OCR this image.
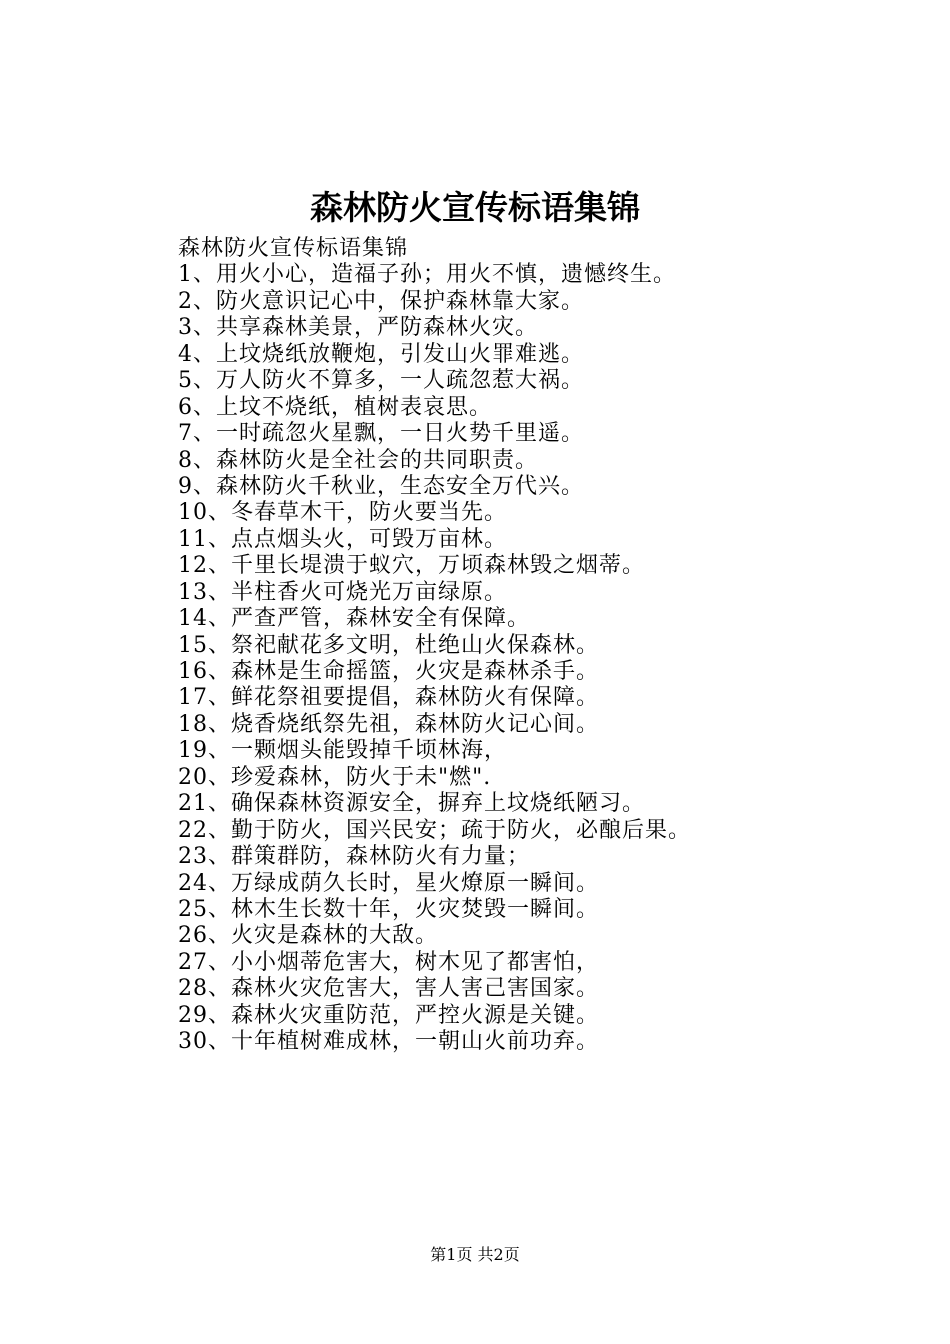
森林防火宣传标语集锦
森林防火宣传标语集锦
1、用火小心，造福子孙；用火不慎，遗憾终生。
2、防火意识记心中，保护森林靠大家。
3、共享森林美景，严防森林火灾。
4、上坟烧纸放鞭炮，引发山火罪难逃。
5、万人防火不算多，一人疏忽惹大祸。
6、上坟不烧纸，植树表哀思。
7、一时疏忽火星飘，一日火势千里遥。
8、森林防火是全社会的共同职责。
9、森林防火千秋业，生态安全万代兴。
10、冬春草木干，防火要当先。
11、点点烟头火，可毁万亩林。
12、千里长堤溃于蚁穴，万顷森林毁之烟蒂。
13、半柱香火可烧光万亩绿原。
14、严查严管，森林安全有保障。
15、祭祀献花多文明，杜绝山火保森林。
16、森林是生命摇篮，火灾是森林杀手。
17、鲜花祭祖要提倡，森林防火有保障。
18、烧香烧纸祭先祖，森林防火记心间。
19、一颗烟头能毁掉千顷林海，
20、珍爱森林，防火于未"燃".
21、确保森林资源安全，摒弃上坟烧纸陋习。
22、勤于防火，国兴民安；疏于防火，必酿后果。
23、群策群防，森林防火有力量；
24、万绿成荫久长时，星火燎原一瞬间。
25、林木生长数十年，火灾焚毁一瞬间。
26、火灾是森林的大敌。
27、小小烟蒂危害大，树木见了都害怕，
28、森林火灾危害大，害人害己害国家。
29、森林火灾重防范，严控火源是关键。
30、十年植树难成林，一朝山火前功弃。
第1页 共2页
